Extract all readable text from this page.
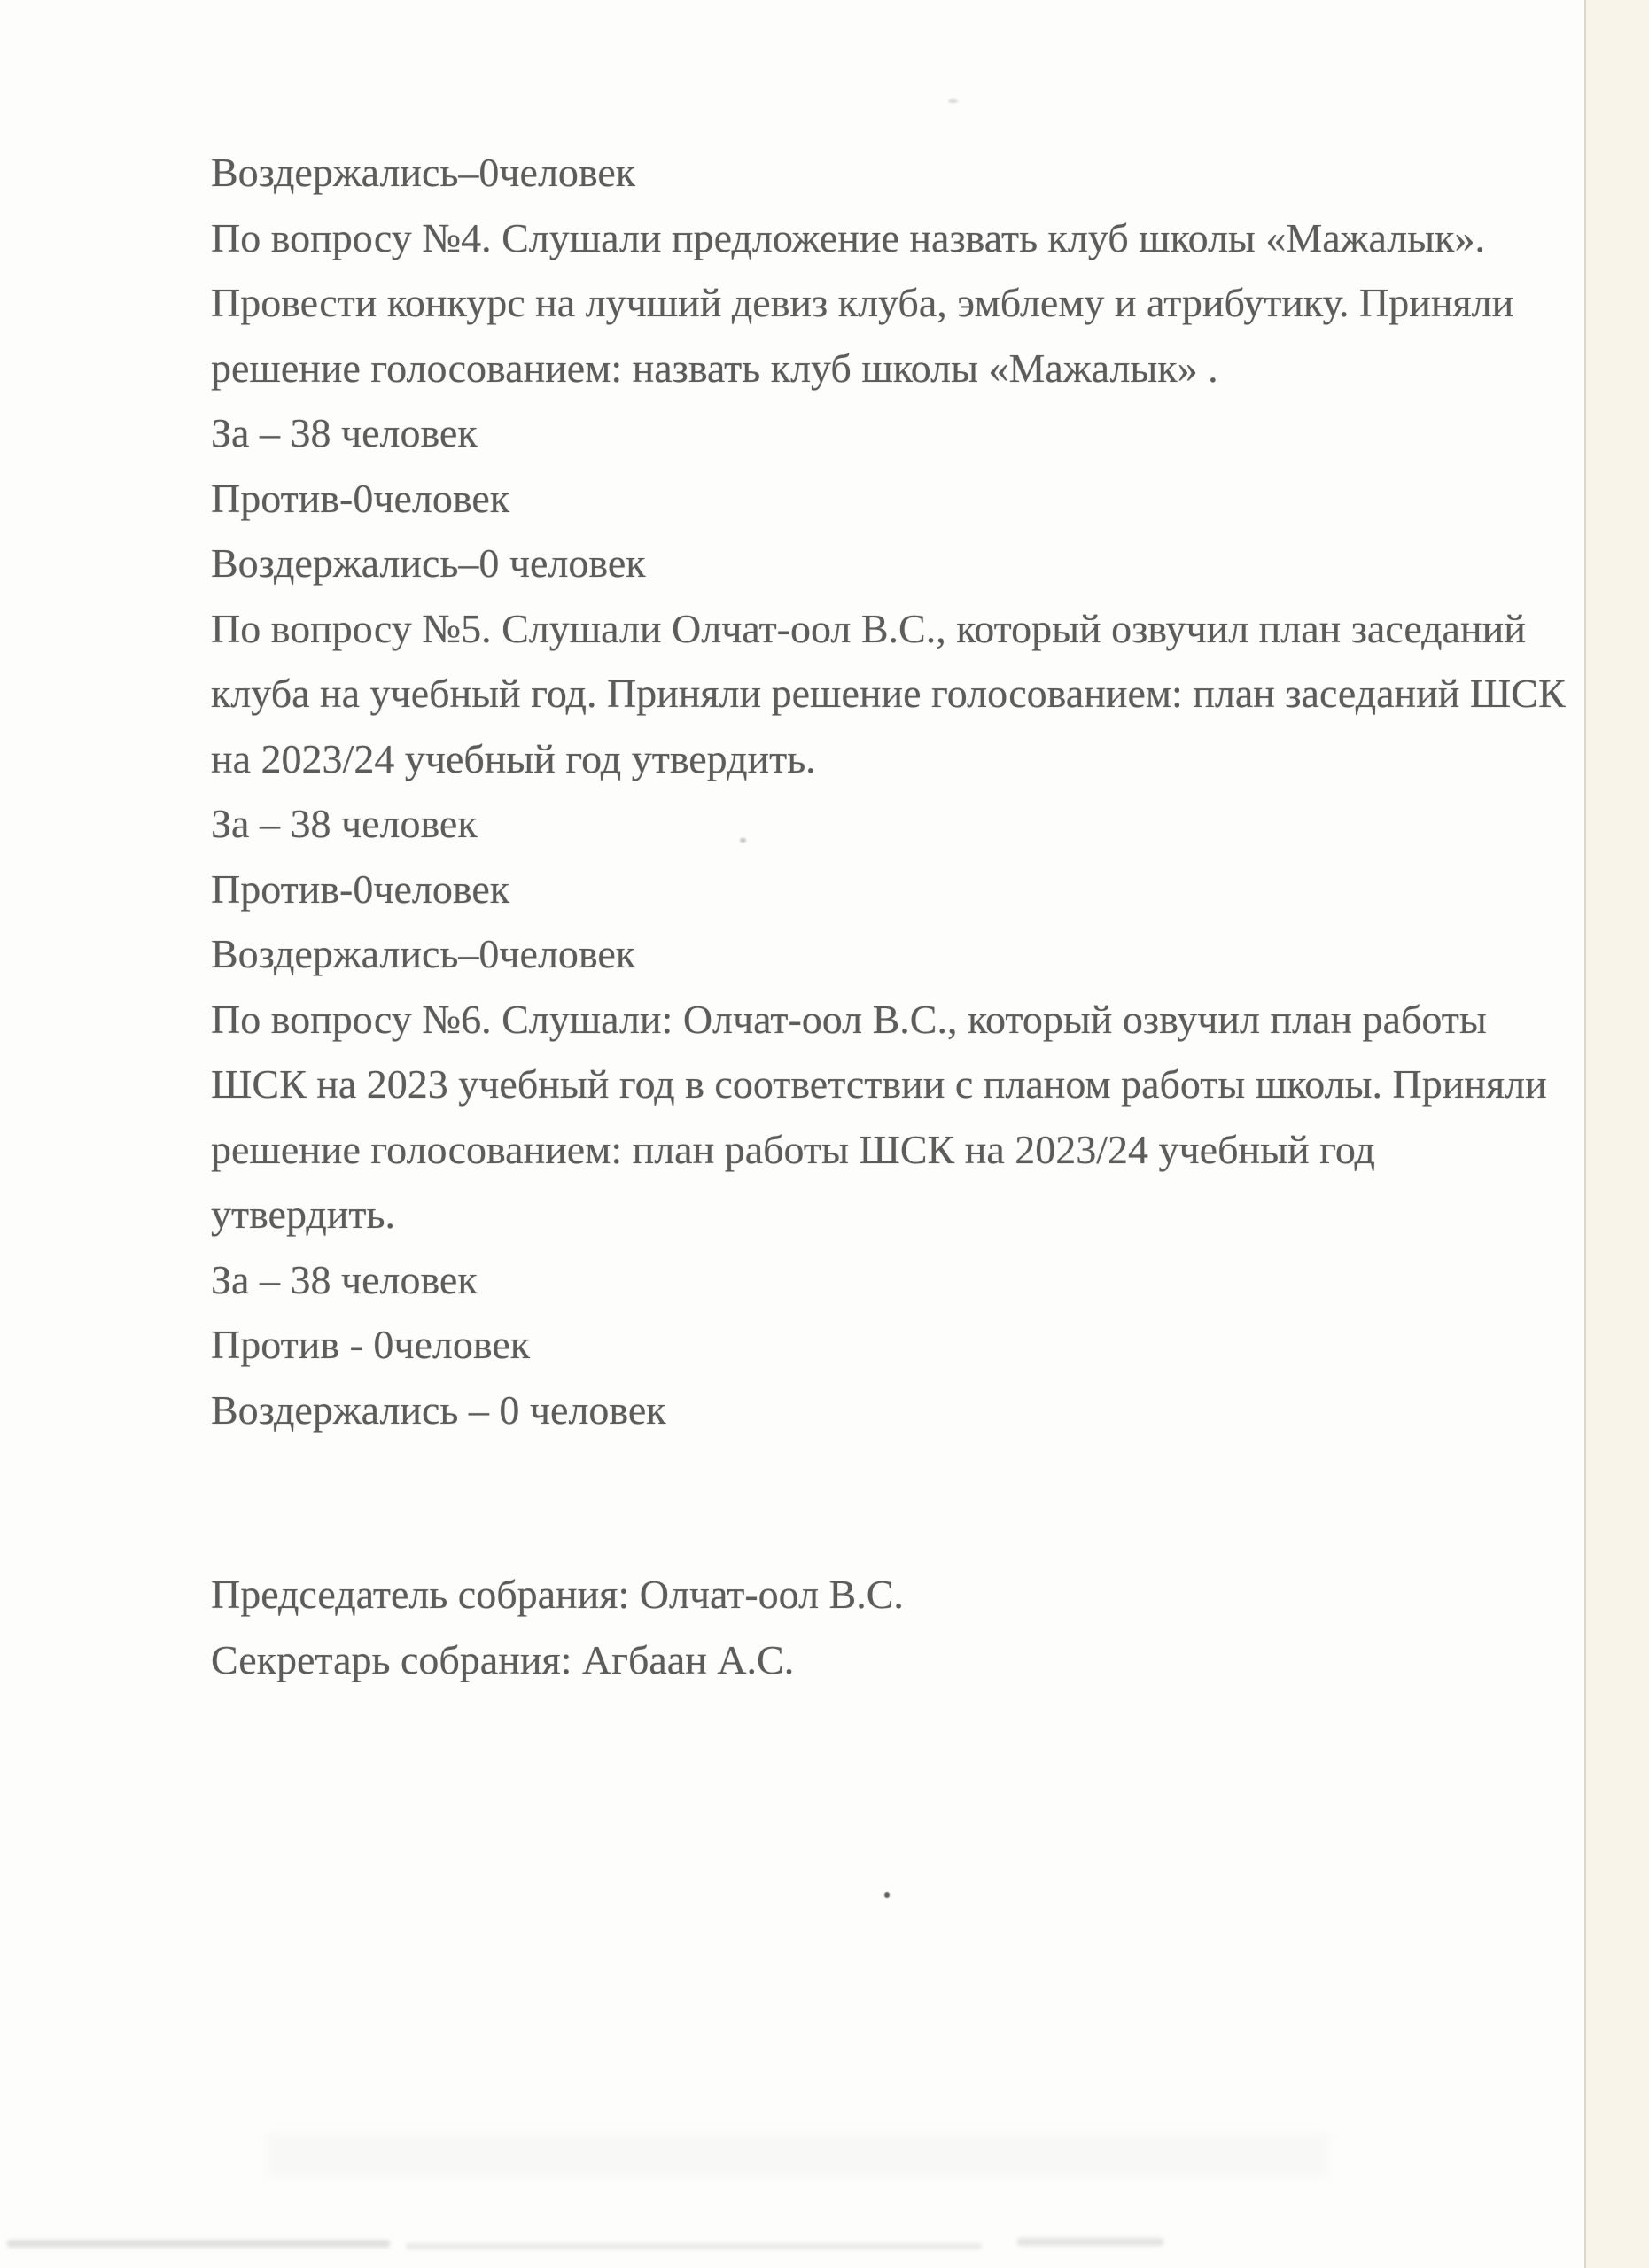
Воздержались–0человек
По вопросу №4. Слушали предложение назвать клуб школы «Мажалык».
Провести конкурс на лучший девиз клуба, эмблему и атрибутику. Приняли
решение голосованием: назвать клуб школы «Мажалык» .
За – 38 человек
Против-0человек
Воздержались–0 человек
По вопросу №5. Слушали Олчат-оол В.С., который озвучил план заседаний
клуба на учебный год. Приняли решение голосованием: план заседаний ШСК
на 2023/24 учебный год утвердить.
За – 38 человек
Против-0человек
Воздержались–0человек
По вопросу №6. Слушали: Олчат-оол В.С., который озвучил план работы
ШСК на 2023 учебный год в соответствии с планом работы школы. Приняли
решение голосованием: план работы ШСК на 2023/24 учебный год
утвердить.
За – 38 человек
Против - 0человек
Воздержались – 0 человек
Председатель собрания: Олчат-оол В.С.
Секретарь собрания: Агбаан А.С.
